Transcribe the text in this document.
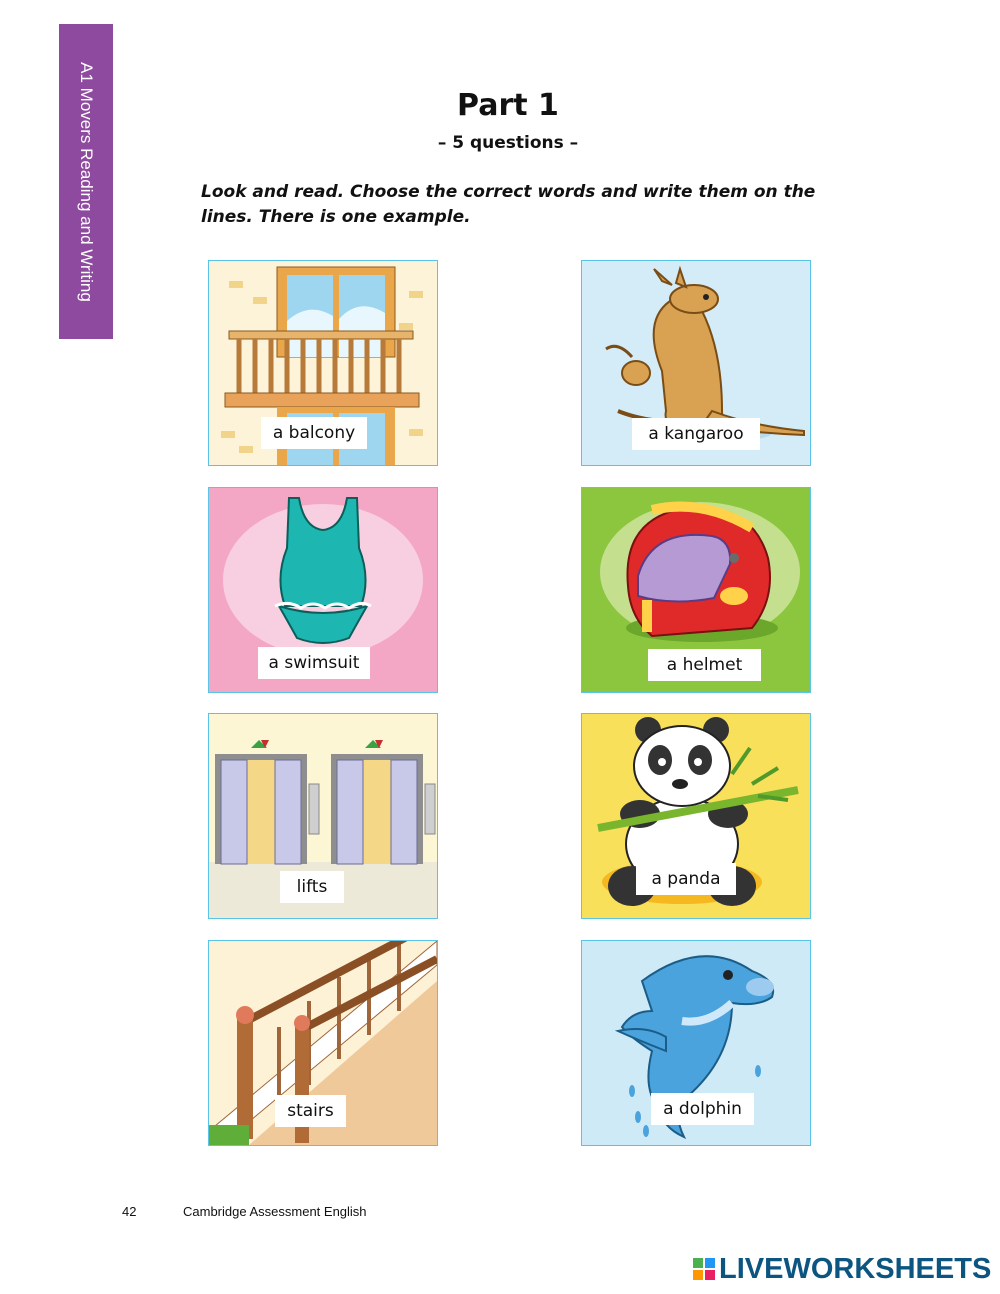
A1 Movers Reading and Writing	Part 1
– 5 questions –
Look and read. Choose the correct words and write them on the lines. There is one example.
a balcony	a kangaroo
a swimsuit	a helmet
lifts	a panda
stairs	a dolphin
42	Cambridge Assessment English
LIVEWORKSHEETS
